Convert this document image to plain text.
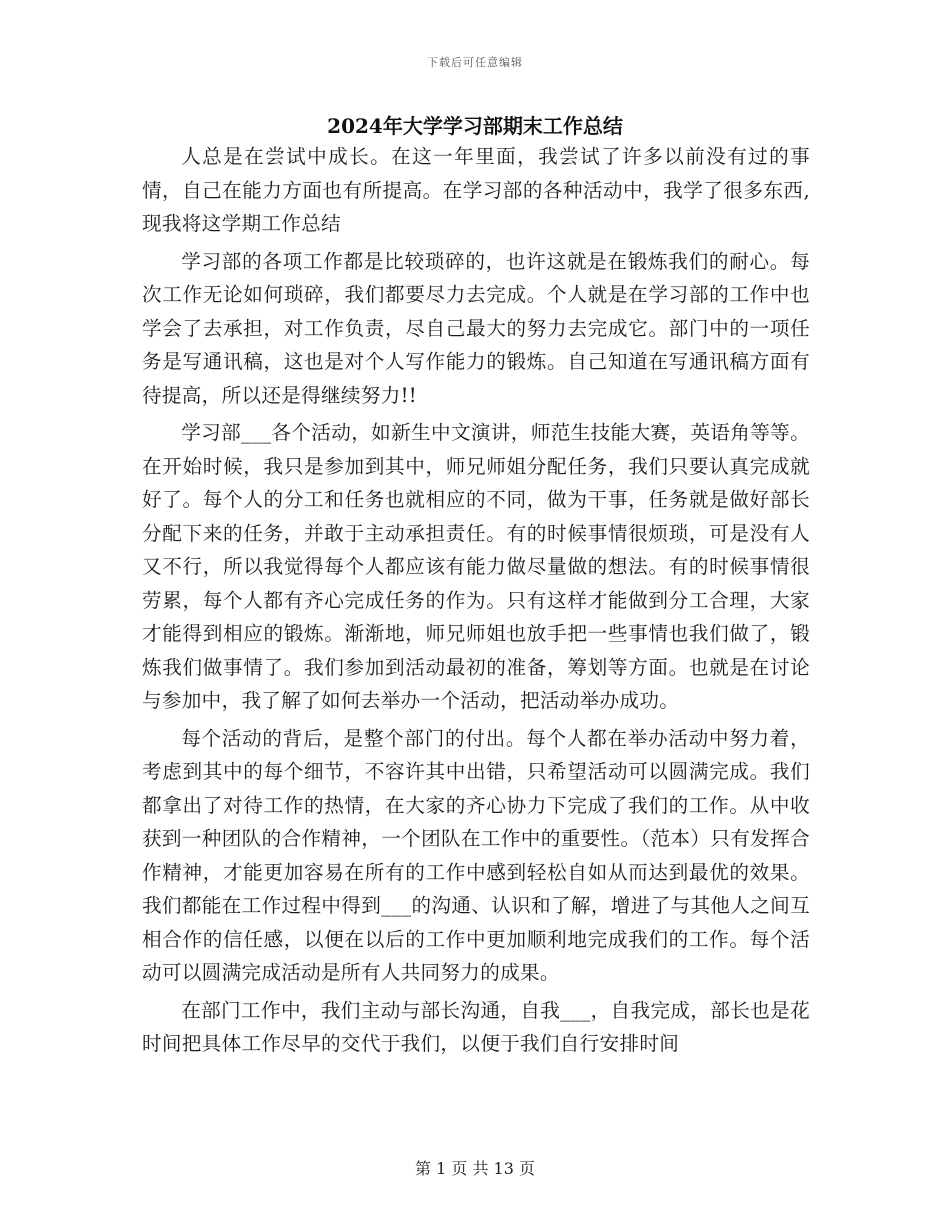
下载后可任意编辑
2024年大学学习部期末工作总结

人总是在尝试中成长。在这一年里面，我尝试了许多以前没有过的事情，自己在能力方面也有所提高。在学习部的各种活动中，我学了很多东西,现我将这学期工作总结

学习部的各项工作都是比较琐碎的，也许这就是在锻炼我们的耐心。每次工作无论如何琐碎，我们都要尽力去完成。个人就是在学习部的工作中也学会了去承担，对工作负责，尽自己最大的努力去完成它。部门中的一项任务是写通讯稿，这也是对个人写作能力的锻炼。自己知道在写通讯稿方面有待提高，所以还是得继续努力!!

学习部___各个活动，如新生中文演讲，师范生技能大赛，英语角等等。在开始时候，我只是参加到其中，师兄师姐分配任务，我们只要认真完成就好了。每个人的分工和任务也就相应的不同，做为干事，任务就是做好部长分配下来的任务，并敢于主动承担责任。有的时候事情很烦琐，可是没有人又不行，所以我觉得每个人都应该有能力做尽量做的想法。有的时候事情很劳累，每个人都有齐心完成任务的作为。只有这样才能做到分工合理，大家才能得到相应的锻炼。渐渐地，师兄师姐也放手把一些事情也我们做了，锻炼我们做事情了。我们参加到活动最初的准备，筹划等方面。也就是在讨论与参加中，我了解了如何去举办一个活动，把活动举办成功。

每个活动的背后，是整个部门的付出。每个人都在举办活动中努力着，考虑到其中的每个细节，不容许其中出错，只希望活动可以圆满完成。我们都拿出了对待工作的热情，在大家的齐心协力下完成了我们的工作。从中收获到一种团队的合作精神，一个团队在工作中的重要性。（范本）只有发挥合作精神，才能更加容易在所有的工作中感到轻松自如从而达到最优的效果。我们都能在工作过程中得到___的沟通、认识和了解，增进了与其他人之间互相合作的信任感，以便在以后的工作中更加顺利地完成我们的工作。每个活动可以圆满完成活动是所有人共同努力的成果。

在部门工作中，我们主动与部长沟通，自我___，自我完成，部长也是花时间把具体工作尽早的交代于我们，以便于我们自行安排时间

第 1 页 共 13 页
